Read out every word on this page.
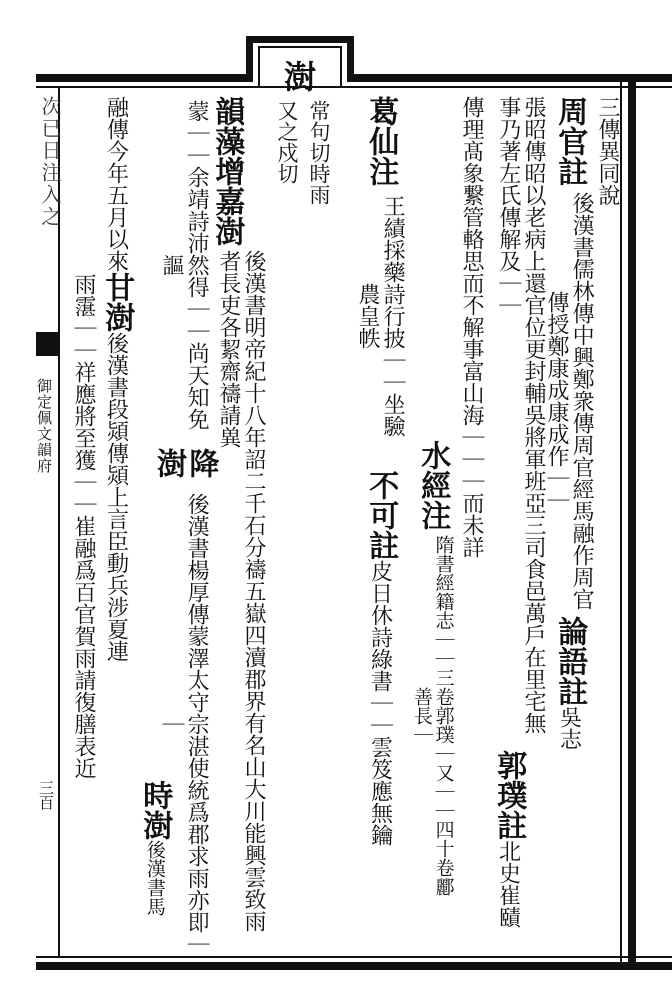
次已日注入之
御定佩文韻府
三百
澍
常句切時雨
又之戍切	三傳異同說
周官註
後漢書儒林傳中興鄭衆傳周官經馬融作周官傳授鄭康成康成作｜｜
論語註
吳志
張昭傳昭以老病上還官位更封輔吳將軍班亞三司食邑萬戶在里宅無事乃著左氏傳解及｜｜
郭璞註
北史崔賾
傳理髙象繋管輅思而不解事富山海｜｜｜而未詳
水經注
隋書經籍志｜｜三卷郭璞｜又｜｜四十卷酈善長｜
葛仙注
王績採藥詩行披｜｜坐驗農皇帙
不可註
皮日休詩綠書｜｜雲笈應無鑰
韻藻增
嘉澍
後漢書明帝紀十八年詔二千石分禱五嶽四瀆郡界有名山大川能興雲致雨者長吏各絜齋禱請兾
蒙｜｜余靖詩沛然得｜｜尚天知免謳
降澍
後漢書楊厚傳蒙澤太守宗湛使統爲郡求雨亦即｜｜
時澍
後漢書馬
融傳今年五月以來
甘澍
後漢書段熲傳熲上言臣動兵涉夏連
雨霮｜｜祥應將至獲｜｜崔融爲百官賀雨請復膳表近
